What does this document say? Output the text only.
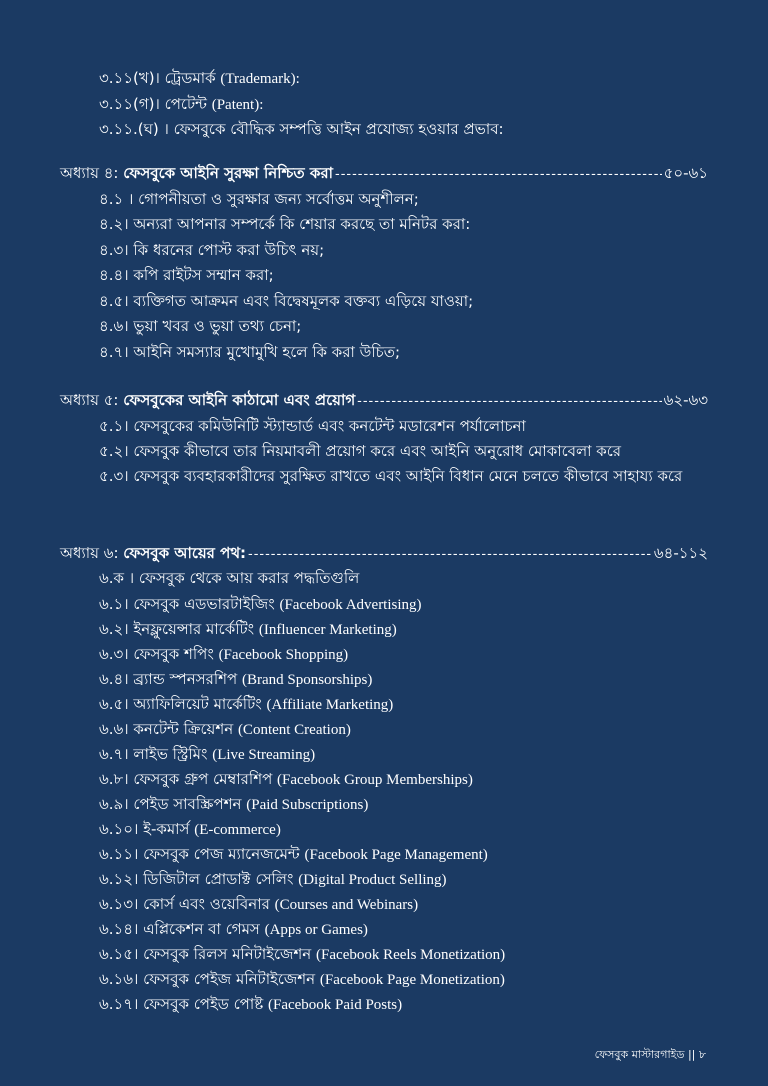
৩.১১(খ)। ট্রেডমার্ক (Trademark):
৩.১১(গ)। পেটেন্ট (Patent):
৩.১১.(ঘ) । ফেসবুকে বৌদ্ধিক সম্পত্তি আইন প্রযোজ্য হওয়ার প্রভাব:
অধ্যায় ৪:
ফেসবুকে আইনি সুরক্ষা নিশ্চিত করা -----	৫০-৬১
৪.১ । গোপনীয়তা ও সুরক্ষার জন্য সর্বোত্তম অনুশীলন;
৪.২। অন্যরা আপনার সম্পর্কে কি শেয়ার করছে তা মনিটর করা:
৪.৩। কি ধরনের পোস্ট করা উচিৎ নয়;
৪.৪। কপি রাইটস সম্মান করা;
৪.৫। ব্যক্তিগত আক্রমন এবং বিদ্বেষমূলক বক্তব্য এড়িয়ে যাওয়া;
৪.৬। ভুয়া খবর ও ভুয়া তথ্য চেনা;
৪.৭। আইনি সমস্যার মুখোমুখি হলে কি করা উচিত;
অধ্যায় ৫:
ফেসবুকের আইনি কাঠামো এবং প্রয়োগ -----	৬২-৬৩
৫.১। ফেসবুকের কমিউনিটি স্ট্যান্ডার্ড এবং কনটেন্ট মডারেশন পর্যালোচনা
৫.২। ফেসবুক কীভাবে তার নিয়মাবলী প্রয়োগ করে এবং আইনি অনুরোধ মোকাবেলা করে
৫.৩। ফেসবুক ব্যবহারকারীদের সুরক্ষিত রাখতে এবং আইনি বিধান মেনে চলতে কীভাবে সাহায্য করে
অধ্যায় ৬:
ফেসবুক আয়ের পথ: -----	৬৪-১১২
৬.ক । ফেসবুক থেকে আয় করার পদ্ধতিগুলি
৬.১। ফেসবুক এডভারটাইজিং (Facebook Advertising)
৬.২। ইনফ্লুয়েন্সার মার্কেটিং (Influencer Marketing)
৬.৩। ফেসবুক শপিং (Facebook Shopping)
৬.৪। ব্র্যান্ড স্পনসরশিপ (Brand Sponsorships)
৬.৫। অ্যাফিলিয়েট মার্কেটিং (Affiliate Marketing)
৬.৬। কনটেন্ট ক্রিয়েশন (Content Creation)
৬.৭। লাইভ স্ট্রিমিং (Live Streaming)
৬.৮। ফেসবুক গ্রুপ মেম্বারশিপ (Facebook Group Memberships)
৬.৯। পেইড সাবস্ক্রিপশন (Paid Subscriptions)
৬.১০। ই-কমার্স (E-commerce)
৬.১১। ফেসবুক পেজ ম্যানেজমেন্ট (Facebook Page Management)
৬.১২। ডিজিটাল প্রোডাক্ট সেলিং (Digital Product Selling)
৬.১৩। কোর্স এবং ওয়েবিনার (Courses and Webinars)
৬.১৪। এপ্লিকেশন বা গেমস (Apps or Games)
৬.১৫। ফেসবুক রিলস মনিটাইজেশন (Facebook Reels Monetization)
৬.১৬। ফেসবুক পেইজ মনিটাইজেশন (Facebook Page Monetization)
৬.১৭। ফেসবুক পেইড পোষ্ট (Facebook Paid Posts)
ফেসবুক মাস্টারগাইড || ৮
